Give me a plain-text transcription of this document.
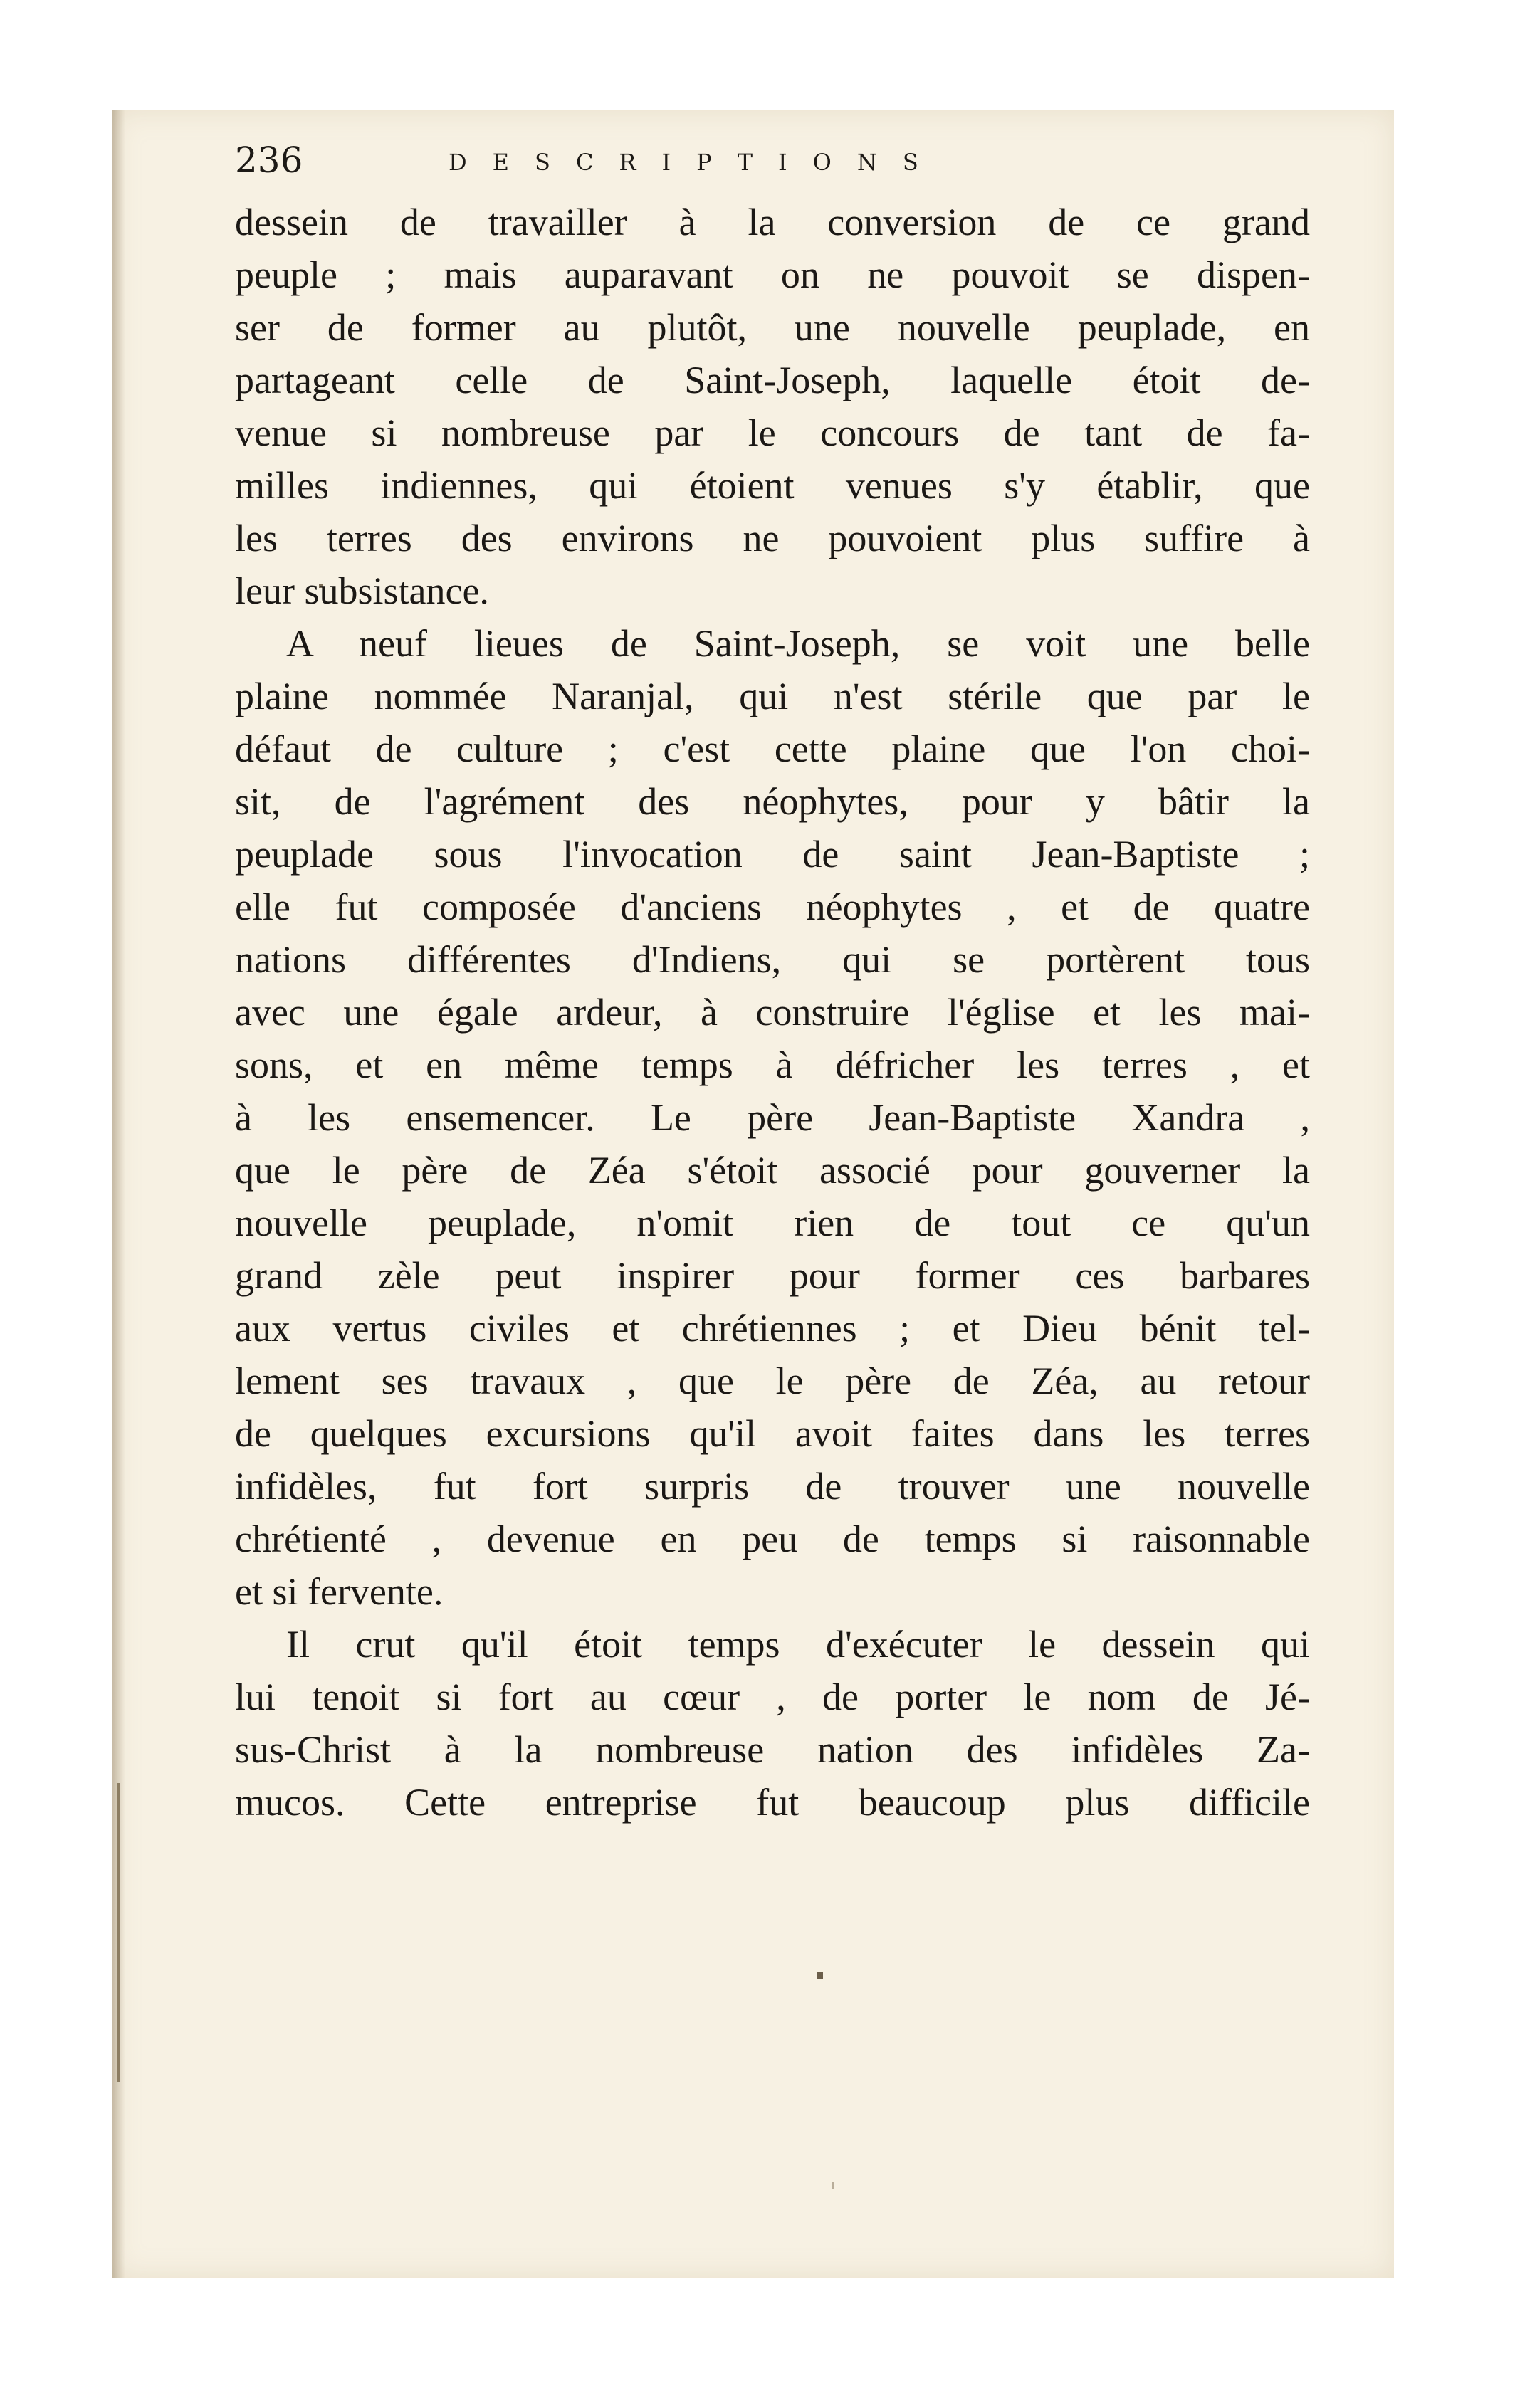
236	DESCRIPTIONS
dessein de travailler à la conversion de ce grand
peuple ; mais auparavant on ne pouvoit se dispen-
ser de former au plutôt, une nouvelle peuplade, en
partageant celle de Saint-Joseph, laquelle étoit de-
venue si nombreuse par le concours de tant de fa-
milles indiennes, qui étoient venues s'y établir, que
les terres des environs ne pouvoient plus suffire à
leur subsistance.
A neuf lieues de Saint-Joseph, se voit une belle
plaine nommée Naranjal, qui n'est stérile que par le
défaut de culture ; c'est cette plaine que l'on choi-
sit, de l'agrément des néophytes, pour y bâtir la
peuplade sous l'invocation de saint Jean-Baptiste ;
elle fut composée d'anciens néophytes , et de quatre
nations différentes d'Indiens, qui se portèrent tous
avec une égale ardeur, à construire l'église et les mai-
sons, et en même temps à défricher les terres , et
à les ensemencer. Le père Jean-Baptiste Xandra ,
que le père de Zéa s'étoit associé pour gouverner la
nouvelle peuplade, n'omit rien de tout ce qu'un
grand zèle peut inspirer pour former ces barbares
aux vertus civiles et chrétiennes ; et Dieu bénit tel-
lement ses travaux , que le père de Zéa, au retour
de quelques excursions qu'il avoit faites dans les terres
infidèles, fut fort surpris de trouver une nouvelle
chrétienté , devenue en peu de temps si raisonnable
et si fervente.
Il crut qu'il étoit temps d'exécuter le dessein qui
lui tenoit si fort au cœur , de porter le nom de Jé-
sus-Christ à la nombreuse nation des infidèles Za-
mucos. Cette entreprise fut beaucoup plus difficile
